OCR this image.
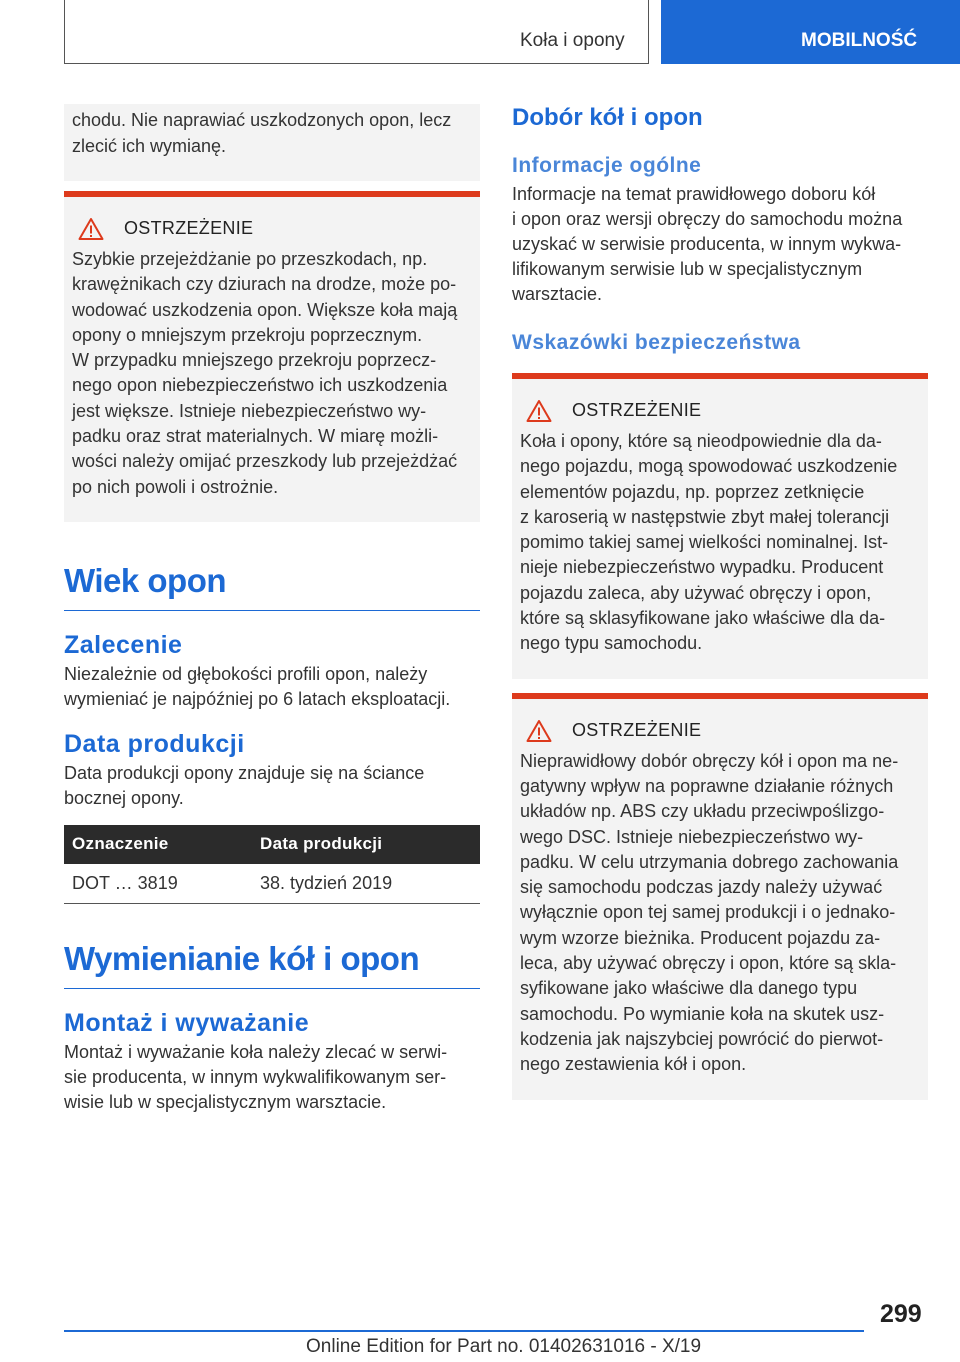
Koła i opony	MOBILNOŚĆ
chodu. Nie naprawiać uszkodzonych opon, lecz
zlecić ich wymianę.
OSTRZEŻENIE
Szybkie przejeżdżanie po przeszkodach, np.
krawężnikach czy dziurach na drodze, może po‐
wodować uszkodzenia opon. Większe koła mają
opony o mniejszym przekroju poprzecznym.
W przypadku mniejszego przekroju poprzecz‐
nego opon niebezpieczeństwo ich uszkodzenia
jest większe. Istnieje niebezpieczeństwo wy‐
padku oraz strat materialnych. W miarę możli‐
wości należy omijać przeszkody lub przejeżdżać
po nich powoli i ostrożnie.
Wiek opon
Zalecenie
Niezależnie od głębokości profili opon, należy
wymieniać je najpóźniej po 6 latach eksploatacji.
Data produkcji
Data produkcji opony znajduje się na ściance
bocznej opony.
Oznaczenie	Data produkcji
DOT … 3819	38. tydzień 2019
Wymienianie kół i opon
Montaż i wyważanie
Montaż i wyważanie koła należy zlecać w serwi‐
sie producenta, w innym wykwalifikowanym ser‐
wisie lub w specjalistycznym warsztacie.
Dobór kół i opon
Informacje ogólne
Informacje na temat prawidłowego doboru kół
i opon oraz wersji obręczy do samochodu można
uzyskać w serwisie producenta, w innym wykwa‐
lifikowanym serwisie lub w specjalistycznym
warsztacie.
Wskazówki bezpieczeństwa
OSTRZEŻENIE
Koła i opony, które są nieodpowiednie dla da‐
nego pojazdu, mogą spowodować uszkodzenie
elementów pojazdu, np. poprzez zetknięcie
z karoserią w następstwie zbyt małej tolerancji
pomimo takiej samej wielkości nominalnej. Ist‐
nieje niebezpieczeństwo wypadku. Producent
pojazdu zaleca, aby używać obręczy i opon,
które są sklasyfikowane jako właściwe dla da‐
nego typu samochodu.
OSTRZEŻENIE
Nieprawidłowy dobór obręczy kół i opon ma ne‐
gatywny wpływ na poprawne działanie różnych
układów np. ABS czy układu przeciwpoślizgo‐
wego DSC. Istnieje niebezpieczeństwo wy‐
padku. W celu utrzymania dobrego zachowania
się samochodu podczas jazdy należy używać
wyłącznie opon tej samej produkcji i o jednako‐
wym wzorze bieżnika. Producent pojazdu za‐
leca, aby używać obręczy i opon, które są skla‐
syfikowane jako właściwe dla danego typu
samochodu. Po wymianie koła na skutek usz‐
kodzenia jak najszybciej powrócić do pierwot‐
nego zestawienia kół i opon.
299
Online Edition for Part no. 01402631016 - X/19
